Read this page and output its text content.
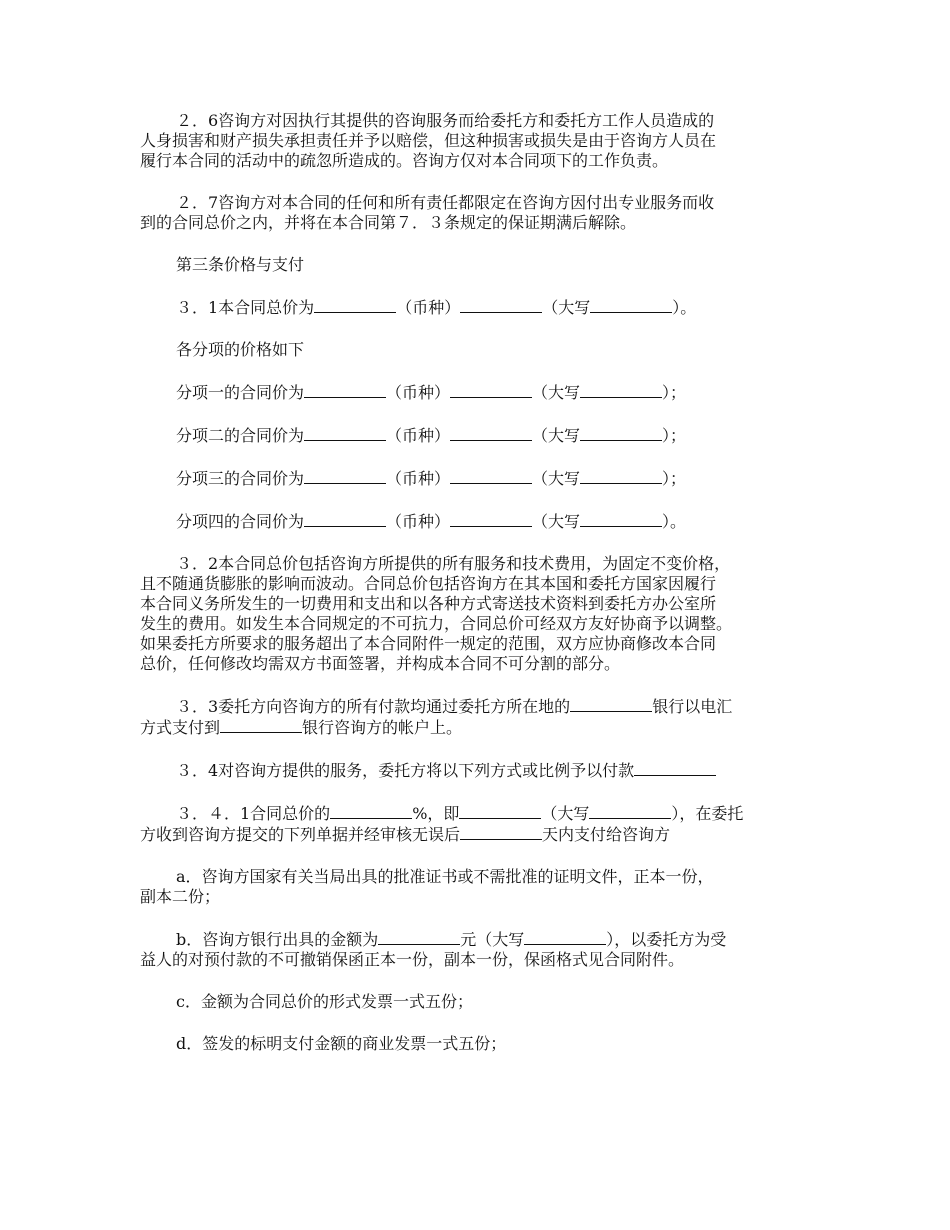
２．6咨询方对因执行其提供的咨询服务而给委托方和委托方工作人员造成的
人身损害和财产损失承担责任并予以赔偿，但这种损害或损失是由于咨询方人员在
履行本合同的活动中的疏忽所造成的。咨询方仅对本合同项下的工作负责。
２．7咨询方对本合同的任何和所有责任都限定在咨询方因付出专业服务而收
到的合同总价之内，并将在本合同第７．３条规定的保证期满后解除。
第三条价格与支付
３．1本合同总价为	（币种）	（大写	）。
各分项的价格如下
分项一的合同价为	（币种）	（大写	）；
分项二的合同价为	（币种）	（大写	）；
分项三的合同价为	（币种）	（大写	）；
分项四的合同价为	（币种）	（大写	）。
３．2本合同总价包括咨询方所提供的所有服务和技术费用，为固定不变价格，
且不随通货膨胀的影响而波动。合同总价包括咨询方在其本国和委托方国家因履行
本合同义务所发生的一切费用和支出和以各种方式寄送技术资料到委托方办公室所
发生的费用。如发生本合同规定的不可抗力，合同总价可经双方友好协商予以调整。
如果委托方所要求的服务超出了本合同附件一规定的范围，双方应协商修改本合同
总价，任何修改均需双方书面签署，并构成本合同不可分割的部分。
３．3委托方向咨询方的所有付款均通过委托方所在地的	银行以电汇
方式支付到	银行咨询方的帐户上。
３．4对咨询方提供的服务，委托方将以下列方式或比例予以付款
３．４．1合同总价的	%，即	（大写	），在委托
方收到咨询方提交的下列单据并经审核无误后	天内支付给咨询方
a．咨询方国家有关当局出具的批准证书或不需批准的证明文件，正本一份，
副本二份；
b．咨询方银行出具的金额为	元（大写	），以委托方为受
益人的对预付款的不可撤销保函正本一份，副本一份，保函格式见合同附件。
c．金额为合同总价的形式发票一式五份；
d．签发的标明支付金额的商业发票一式五份；
